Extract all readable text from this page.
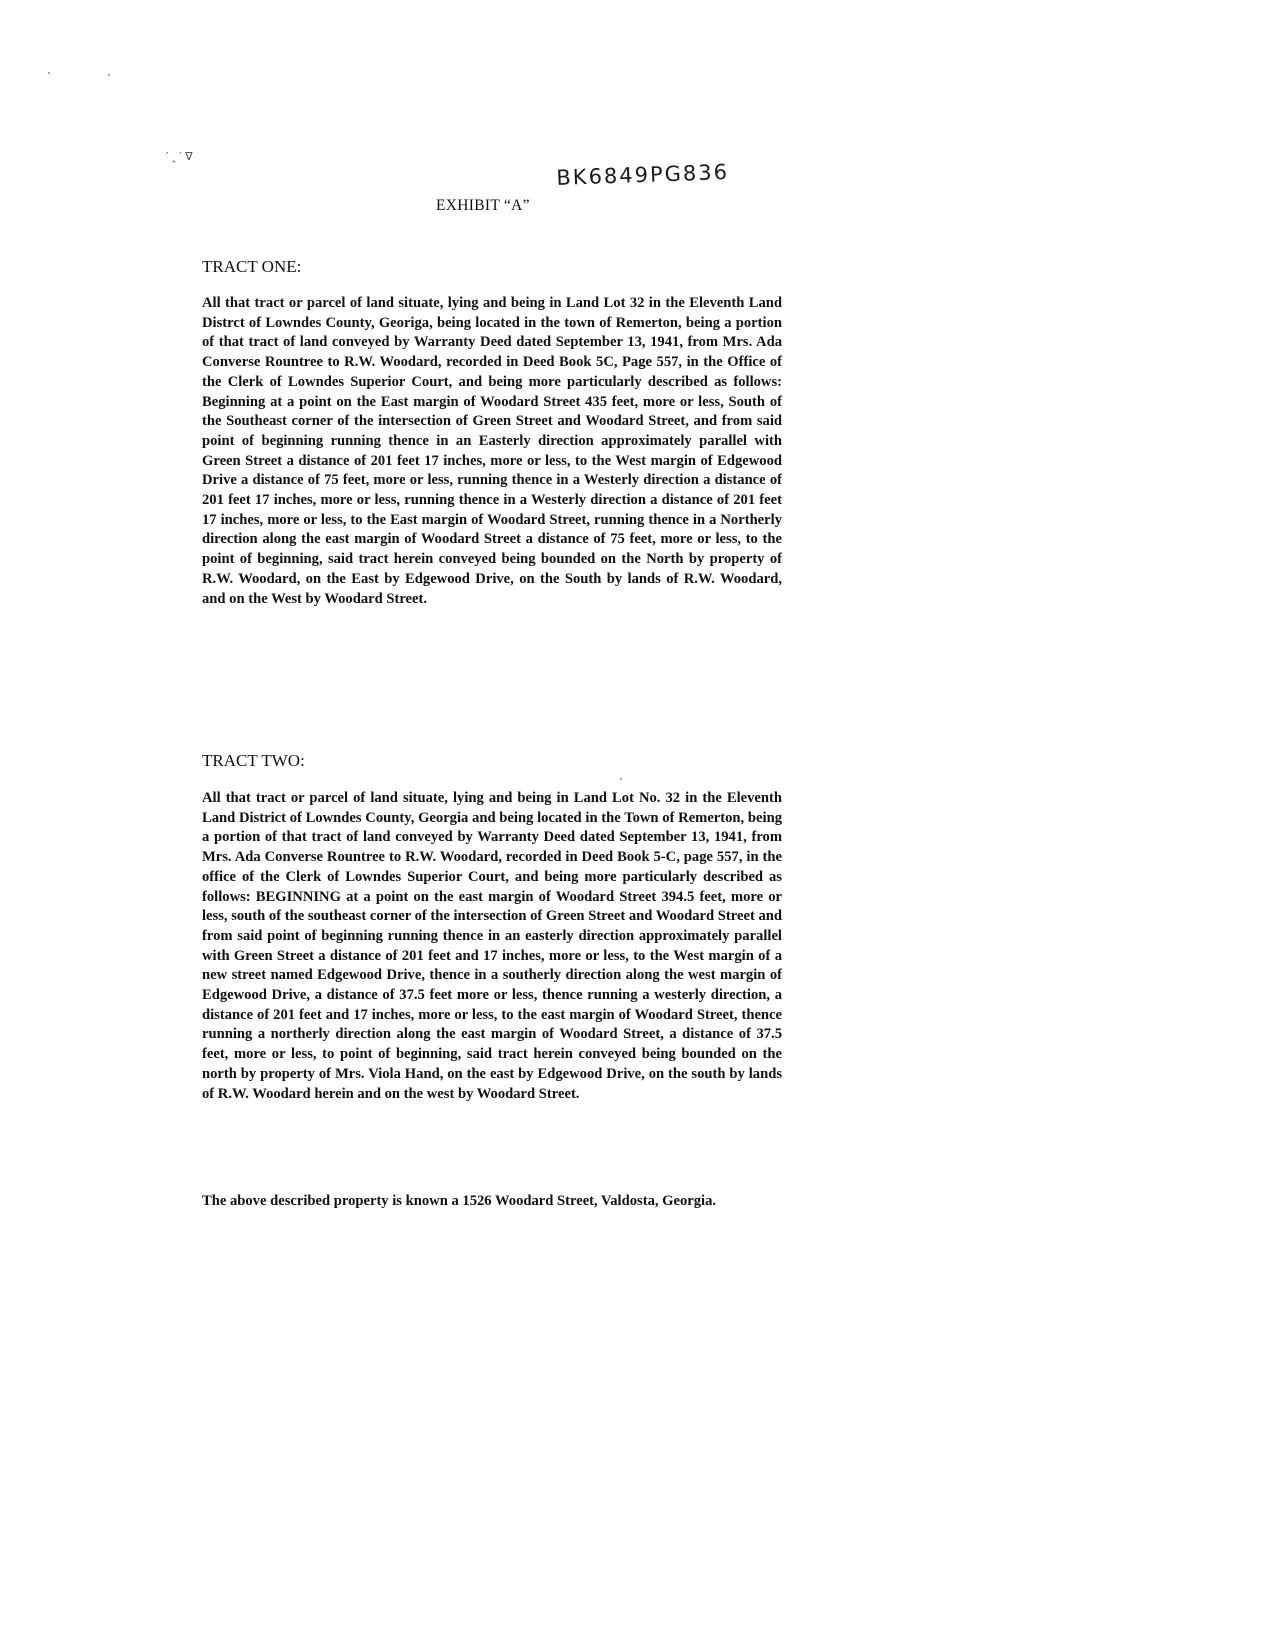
′ ‸ ′ ∇
BK6849PG836
EXHIBIT “A”
TRACT ONE:
All that tract or parcel of land situate, lying and being in Land Lot 32 in the Eleventh Land Distrct of Lowndes County, Georiga, being located in the town of Remerton, being a portion of that tract of land conveyed by Warranty Deed dated September 13, 1941, from Mrs. Ada Converse Rountree to R.W. Woodard, recorded in Deed Book 5C, Page 557, in the Office of the Clerk of Lowndes Superior Court, and being more particularly described as follows: Beginning at a point on the East margin of Woodard Street 435 feet, more or less, South of the Southeast corner of the intersection of Green Street and Woodard Street, and from said point of beginning running thence in an Easterly direction approximately parallel with Green Street a distance of 201 feet 17 inches, more or less, to the West margin of Edgewood Drive a distance of 75 feet, more or less, running thence in a Westerly direction a distance of 201 feet 17 inches, more or less, running thence in a Westerly direction a distance of 201 feet 17 inches, more or less, to the East margin of Woodard Street, running thence in a Northerly direction along the east margin of Woodard Street a distance of 75 feet, more or less, to the point of beginning, said tract herein conveyed being bounded on the North by property of R.W. Woodard, on the East by Edgewood Drive, on the South by lands of R.W. Woodard, and on the West by Woodard Street.
TRACT TWO:
All that tract or parcel of land situate, lying and being in Land Lot No. 32 in the Eleventh Land District of Lowndes County, Georgia and being located in the Town of Remerton, being a portion of that tract of land conveyed by Warranty Deed dated September 13, 1941, from Mrs. Ada Converse Rountree to R.W. Woodard, recorded in Deed Book 5-C, page 557, in the office of the Clerk of Lowndes Superior Court, and being more particularly described as follows: BEGINNING at a point on the east margin of Woodard Street 394.5 feet, more or less, south of the southeast corner of the intersection of Green Street and Woodard Street and from said point of beginning running thence in an easterly direction approximately parallel with Green Street a distance of 201 feet and 17 inches, more or less, to the West margin of a new street named Edgewood Drive, thence in a southerly direction along the west margin of Edgewood Drive, a distance of 37.5 feet more or less, thence running a westerly direction, a distance of 201 feet and 17 inches, more or less, to the east margin of Woodard Street, thence running a northerly direction along the east margin of Woodard Street, a distance of 37.5 feet, more or less, to point of beginning, said tract herein conveyed being bounded on the north by property of Mrs. Viola Hand, on the east by Edgewood Drive, on the south by lands of R.W. Woodard herein and on the west by Woodard Street.
The above described property is known a 1526 Woodard Street, Valdosta, Georgia.
